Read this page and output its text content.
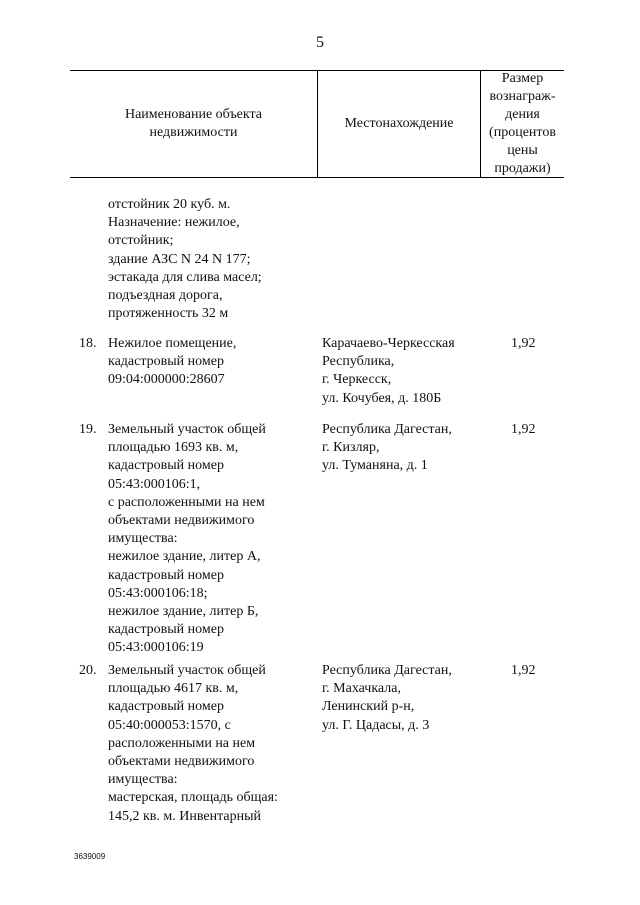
5
Наименование объекта
недвижимости
Местонахождение
Размер
вознаграж-
дения
(процентов
цены
продажи)
отстойник 20 куб. м.
Назначение: нежилое,
отстойник;
здание АЗС N 24 N 177;
эстакада для слива масел;
подъездная дорога,
протяженность 32 м
18. Нежилое помещение,
кадастровый номер
09:04:000000:28607
Карачаево-Черкесская
Республика,
г. Черкесск,
ул. Кочубея, д. 180Б
1,92
19. Земельный участок общей
площадью 1693 кв. м,
кадастровый номер
05:43:000106:1,
с расположенными на нем
объектами недвижимого
имущества:
нежилое здание, литер А,
кадастровый номер
05:43:000106:18;
нежилое здание, литер Б,
кадастровый номер
05:43:000106:19
Республика Дагестан,
г. Кизляр,
ул. Туманяна, д. 1
1,92
20. Земельный участок общей
площадью 4617 кв. м,
кадастровый номер
05:40:000053:1570, с
расположенными на нем
объектами недвижимого
имущества:
мастерская, площадь общая:
145,2 кв. м. Инвентарный
Республика Дагестан,
г. Махачкала,
Ленинский р-н,
ул. Г. Цадасы, д. 3
1,92
3639009
